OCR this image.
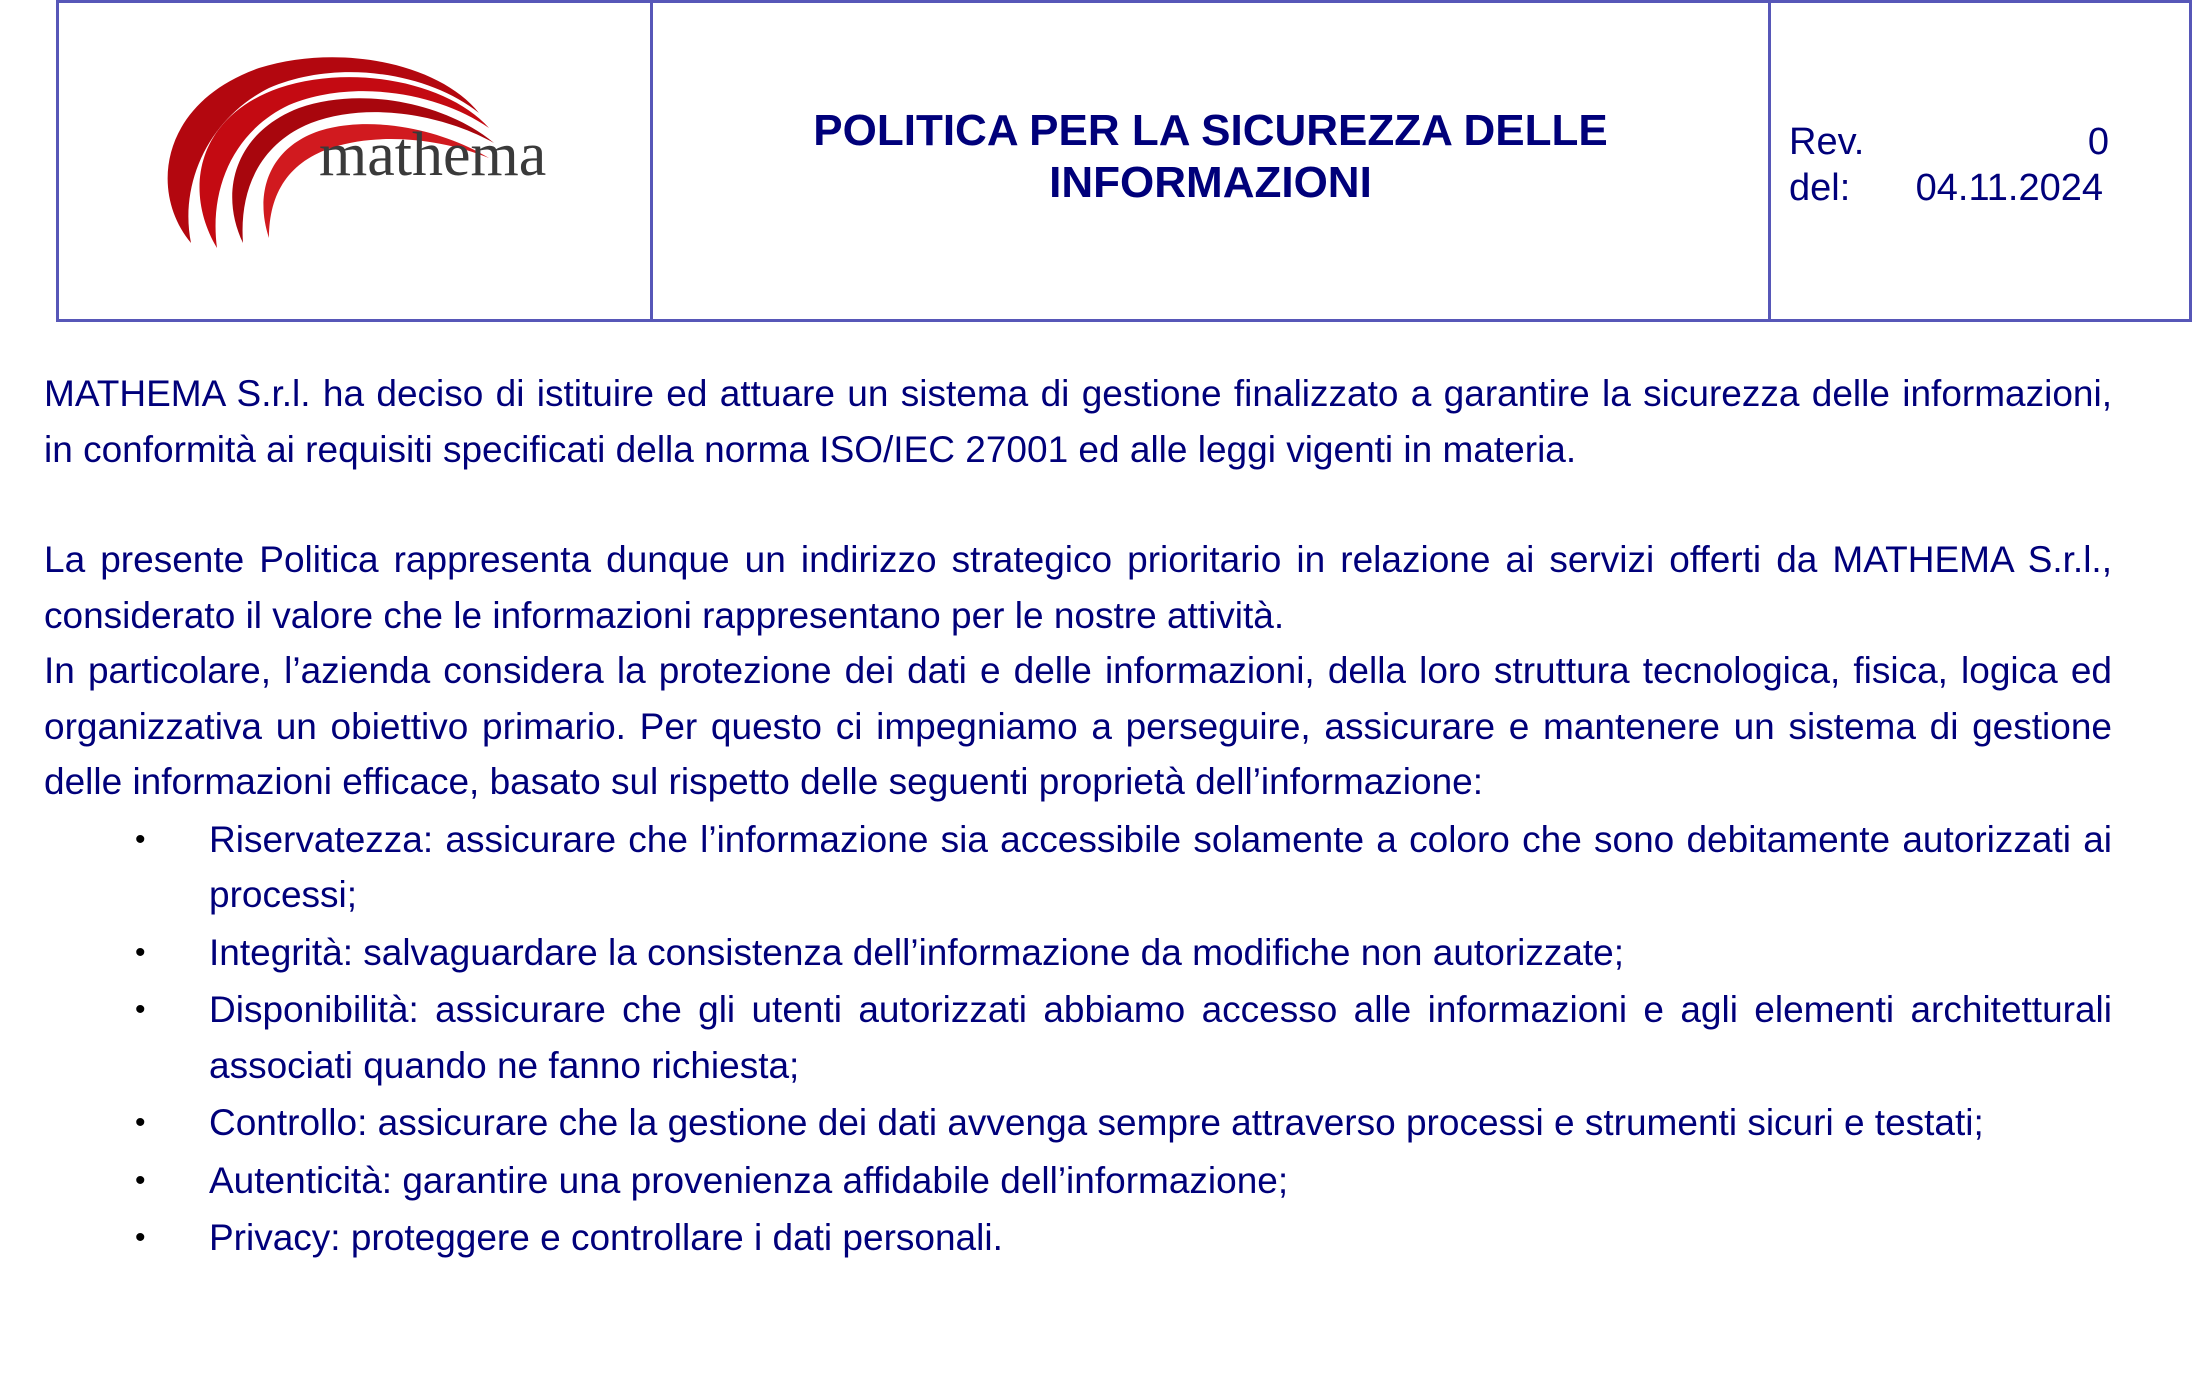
mathema	POLITICA PER LA SICUREZZA DELLE
INFORMAZIONI
Rev.	0
del: 04.11.2024

MATHEMA S.r.l. ha deciso di istituire ed attuare un sistema di gestione finalizzato a garantire la sicurezza delle informazioni, in conformità ai requisiti specificati della norma ISO/IEC 27001 ed alle leggi vigenti in materia.

La presente Politica rappresenta dunque un indirizzo strategico prioritario in relazione ai servizi offerti da MATHEMA S.r.l., considerato il valore che le informazioni rappresentano per le nostre attività.

In particolare, l’azienda considera la protezione dei dati e delle informazioni, della loro struttura tecnologica, fisica, logica ed organizzativa un obiettivo primario. Per questo ci impegniamo a perseguire, assicurare e mantenere un sistema di gestione delle informazioni efficace, basato sul rispetto delle seguenti proprietà dell’informazione:

• Riservatezza: assicurare che l’informazione sia accessibile solamente a coloro che sono debitamente autorizzati ai processi;
• Integrità: salvaguardare la consistenza dell’informazione da modifiche non autorizzate;
• Disponibilità: assicurare che gli utenti autorizzati abbiamo accesso alle informazioni e agli elementi architetturali associati quando ne fanno richiesta;
• Controllo: assicurare che la gestione dei dati avvenga sempre attraverso processi e strumenti sicuri e testati;
• Autenticità: garantire una provenienza affidabile dell’informazione;
• Privacy: proteggere e controllare i dati personali.
